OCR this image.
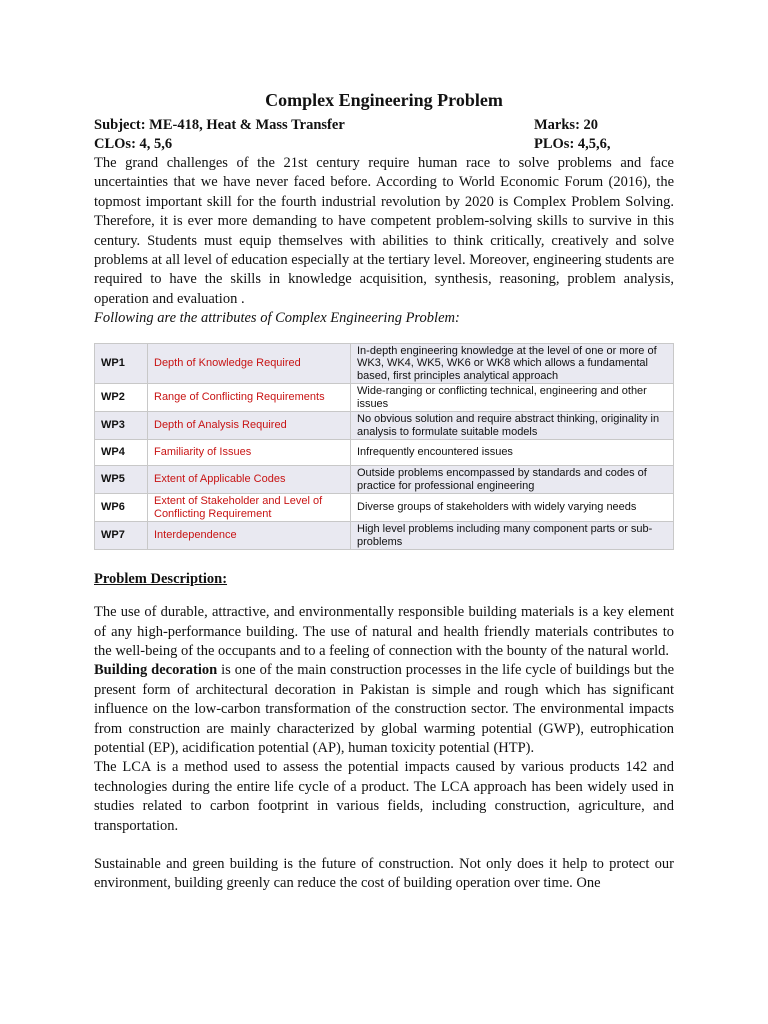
Complex Engineering Problem
Subject: ME-418, Heat & Mass Transfer	Marks: 20
CLOs: 4, 5,6	PLOs: 4,5,6,

The grand challenges of the 21st century require human race to solve problems and face uncertainties that we have never faced before. According to World Economic Forum (2016), the topmost important skill for the fourth industrial revolution by 2020 is Complex Problem Solving. Therefore, it is ever more demanding to have competent problem-solving skills to survive in this century. Students must equip themselves with abilities to think critically, creatively and solve problems at all level of education especially at the tertiary level. Moreover, engineering students are required to have the skills in knowledge acquisition, synthesis, reasoning, problem analysis, operation and evaluation .

Following are the attributes of Complex Engineering Problem:

WP1	Depth of Knowledge Required	In-depth engineering knowledge at the level of one or more of WK3, WK4, WK5, WK6 or WK8 which allows a fundamental based, first principles analytical approach
WP2	Range of Conflicting Requirements	Wide-ranging or conflicting technical, engineering and other issues
WP3	Depth of Analysis Required	No obvious solution and require abstract thinking, originality in analysis to formulate suitable models
WP4	Familiarity of Issues	Infrequently encountered issues
WP5	Extent of Applicable Codes	Outside problems encompassed by standards and codes of practice for professional engineering
WP6	Extent of Stakeholder and Level of Conflicting Requirement	Diverse groups of stakeholders with widely varying needs
WP7	Interdependence	High level problems including many component parts or sub-problems
Problem Description:

The use of durable, attractive, and environmentally responsible building materials is a key element of any high-performance building. The use of natural and health friendly materials contributes to the well-being of the occupants and to a feeling of connection with the bounty of the natural world.

Building decoration is one of the main construction processes in the life cycle of buildings but the present form of architectural decoration in Pakistan is simple and rough which has significant influence on the low-carbon transformation of the construction sector. The environmental impacts from construction are mainly characterized by global warming potential (GWP), eutrophication potential (EP), acidification potential (AP), human toxicity potential (HTP).

The LCA is a method used to assess the potential impacts caused by various products 142 and technologies during the entire life cycle of a product. The LCA approach has been widely used in studies related to carbon footprint in various fields, including construction, agriculture, and transportation.

Sustainable and green building is the future of construction. Not only does it help to protect our environment, building greenly can reduce the cost of building operation over time. One
